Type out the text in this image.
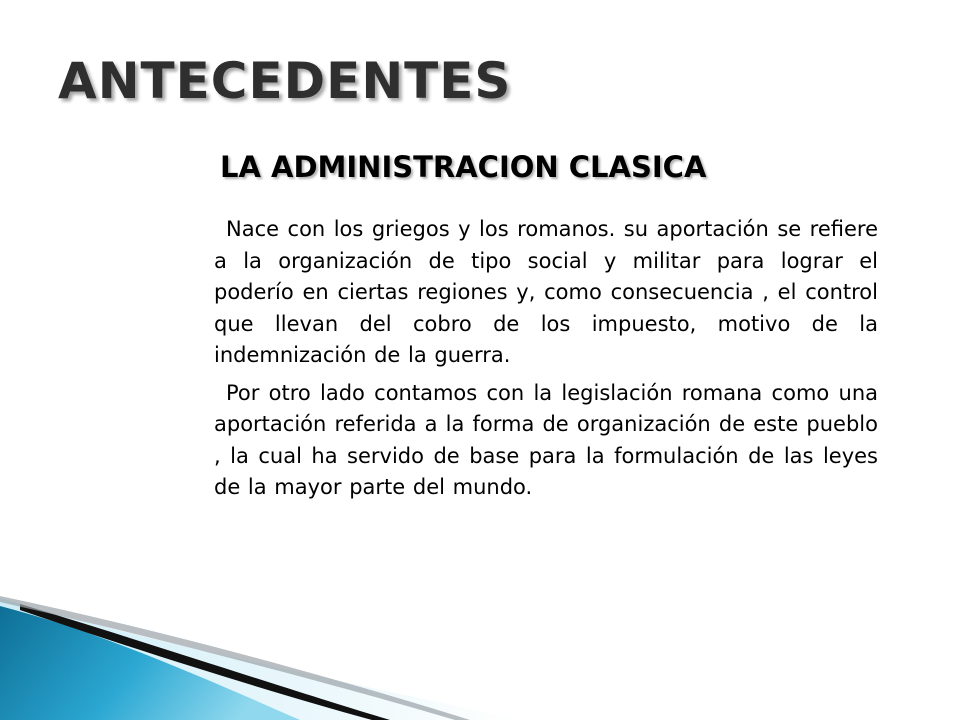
ANTECEDENTES
LA ADMINISTRACION CLASICA

Nace con los griegos y los romanos. su aportación se refiere a la organización de tipo social y militar para lograr el poderío en ciertas regiones y, como consecuencia , el control que llevan del cobro de los impuesto, motivo de la indemnización de la guerra.

Por otro lado contamos con la legislación romana como una aportación referida a la forma de organización de este pueblo , la cual ha servido de base para la formulación de las leyes de la mayor parte del mundo.
